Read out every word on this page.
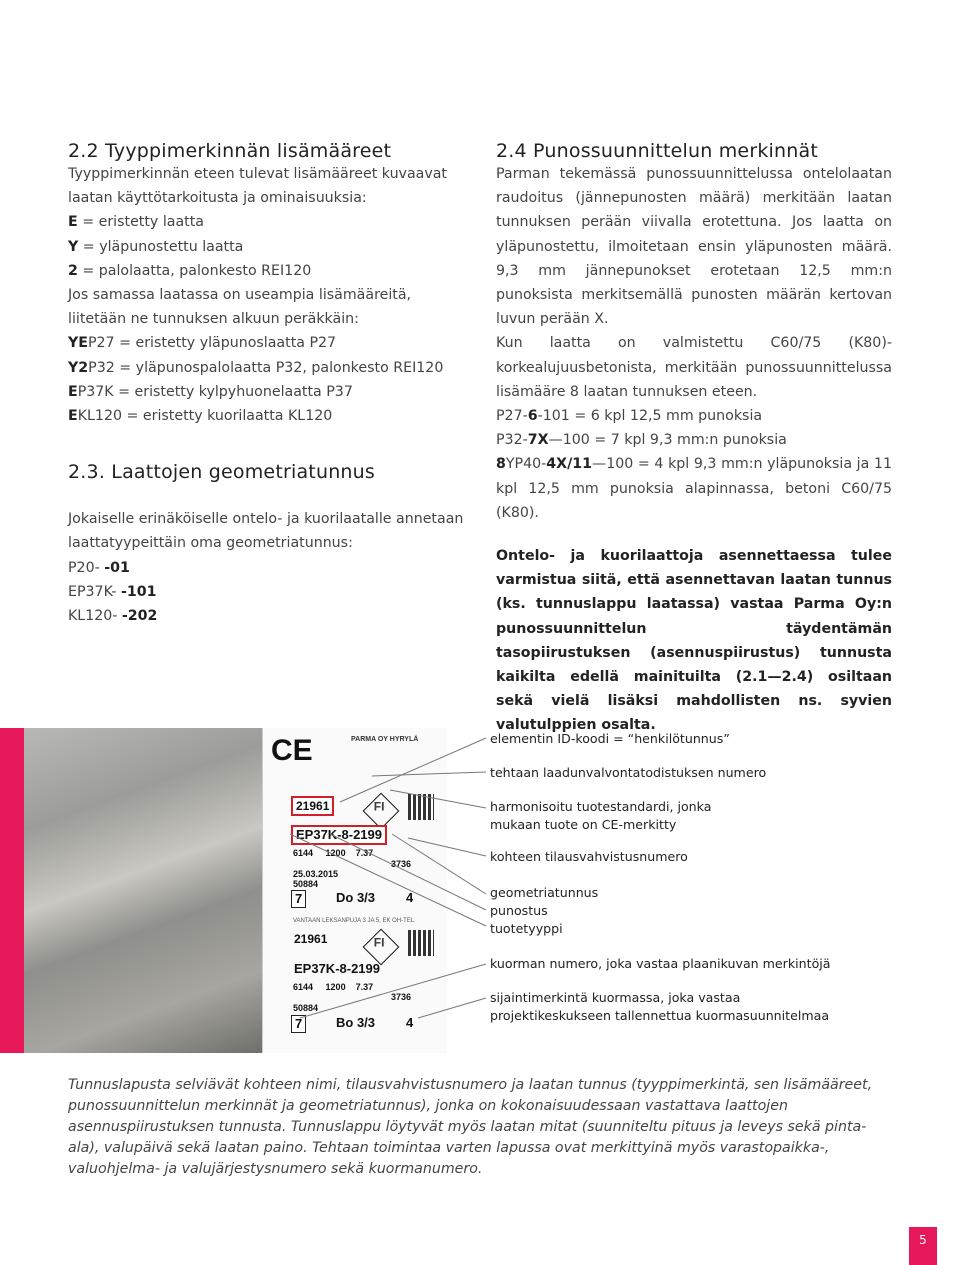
2.2 Tyyppimerkinnän lisämääreet

Tyyppimerkinnän eteen tulevat lisämääreet kuvaavat laatan käyttötarkoitusta ja ominaisuuksia:
E = eristetty laatta
Y = yläpunostettu laatta
2 = palolaatta, palonkesto REI120

Jos samassa laatassa on useampia lisämääreitä, liitetään ne tunnuksen alkuun peräkkäin:
YEP27 = eristetty yläpunoslaatta P27
Y2P32 = yläpunospalolaatta P32, palonkesto REI120
EP37K = eristetty kylpyhuonelaatta P37
EKL120 = eristetty kuorilaatta KL120

2.3. Laattojen geometriatunnus

Jokaiselle erinäköiselle ontelo- ja kuorilaatalle annetaan laattatyypeittäin oma geometriatunnus:
P20- -01
EP37K- -101
KL120- -202

2.4 Punossuunnittelun merkinnät

Parman tekemässä punossuunnittelussa ontelolaatan raudoitus (jännepunosten määrä) merkitään laatan tunnuksen perään viivalla erotettuna. Jos laatta on yläpunostettu, ilmoitetaan ensin yläpunosten määrä. 9,3 mm jännepunokset erotetaan 12,5 mm:n punoksista merkitsemällä punosten määrän kertovan luvun perään X.

Kun laatta on valmistettu C60/75 (K80)-korkealujuusbetonista, merkitään punossuunnittelussa lisämääre 8 laatan tunnuksen eteen.
P27-6-101 = 6 kpl 12,5 mm punoksia
P32-7X—100 = 7 kpl 9,3 mm:n punoksia
8YP40-4X/11—100 = 4 kpl 9,3 mm:n yläpunoksia ja 11 kpl 12,5 mm punoksia alapinnassa, betoni C60/75 (K80).

Ontelo- ja kuorilaattoja asennettaessa tulee varmistua siitä, että asennettavan laatan tunnus (ks. tunnuslappu laatassa) vastaa Parma Oy:n punossuunnittelun täydentämän tasopiirustuksen (asennuspiirustus) tunnusta kaikilta edellä mainituilta (2.1—2.4) osiltaan sekä vielä lisäksi mahdollisten ns. syvien valutulppien osalta.

CE	PARMA OY HYRYLÄ
21961	FI
EP37K-8-2199
6144 1200 7.37
3736
25.03.2015
50884
7	Do 3/3 4
VANTAAN LEKSANPUJA 3 JA 5, EK OH-TEL
21961	FI
EP37K-8-2199
6144 1200 7.37
3736
50884
7	Bo 3/3 4
elementin ID-koodi = “henkilötunnus”
tehtaan laadunvalvontatodistuksen numero
harmonisoitu tuotestandardi, jonka
mukaan tuote on CE-merkitty
kohteen tilausvahvistusnumero
geometriatunnus
punostus
tuotetyyppi
kuorman numero, joka vastaa plaanikuvan merkintöjä
sijaintimerkintä kuormassa, joka vastaa
projektikeskukseen tallennettua kuormasuunnitelmaa
Tunnuslapusta selviävät kohteen nimi, tilausvahvistusnumero ja laatan tunnus (tyyppimerkintä, sen lisämääreet, punossuunnittelun merkinnät ja geometriatunnus), jonka on kokonaisuudessaan vastattava laattojen asennuspiirustuksen tunnusta. Tunnuslappu löytyvät myös laatan mitat (suunniteltu pituus ja leveys sekä pinta-ala), valupäivä sekä laatan paino. Tehtaan toimintaa varten lapussa ovat merkittyinä myös varastopaikka-, valuohjelma- ja valujärjestysnumero sekä kuormanumero.
5
